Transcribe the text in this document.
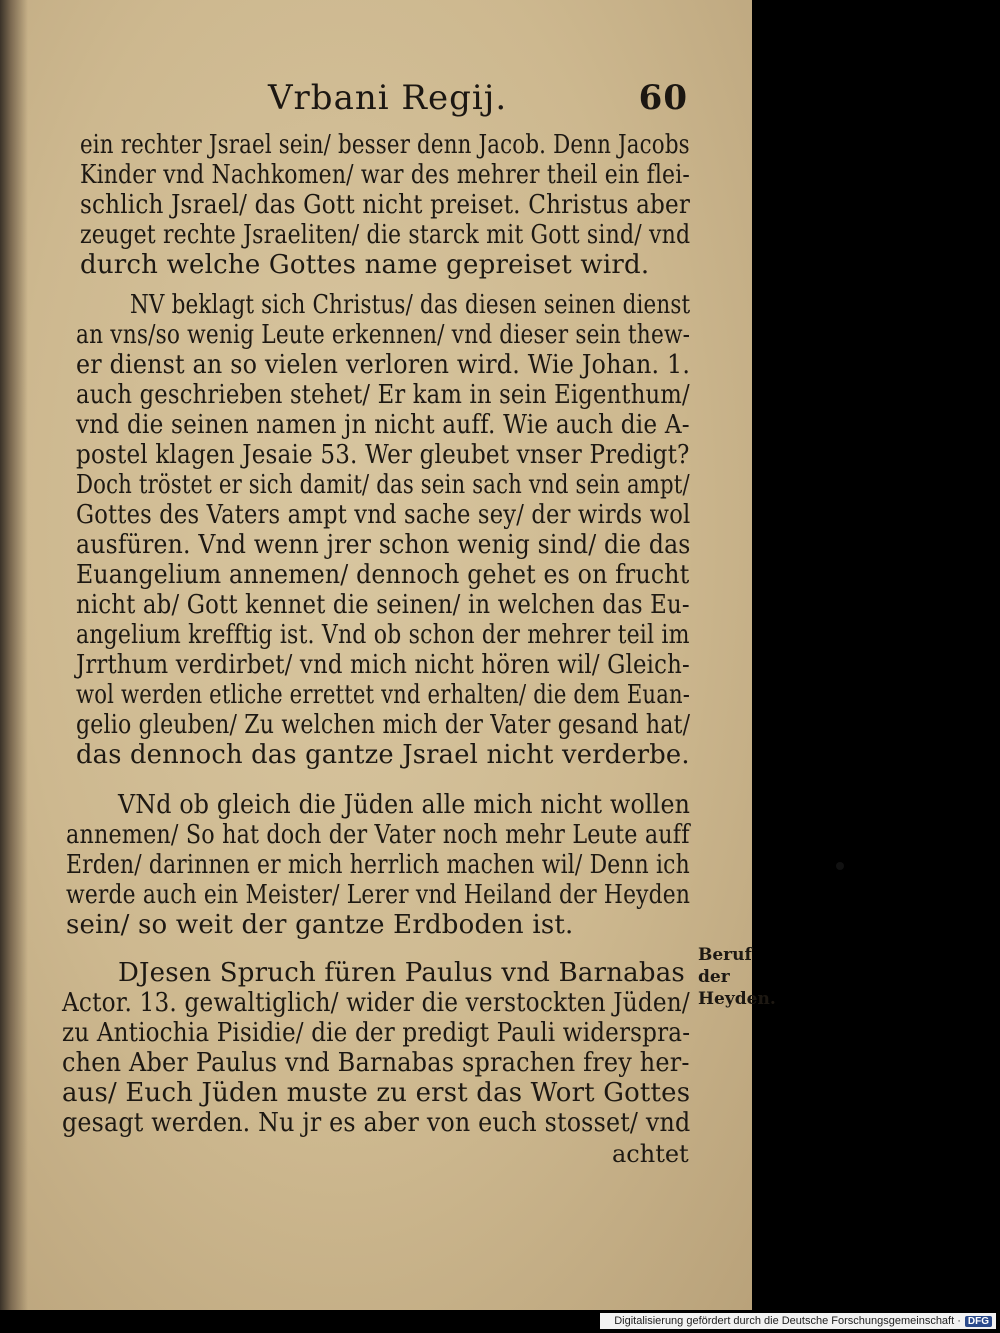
Vrbani Regij.	60
ein rechter Jsrael sein/ besser denn Jacob. Denn Jacobs
Kinder vnd Nachkomen/ war des mehrer theil ein flei-
schlich Jsrael/ das Gott nicht preiset. Christus aber
zeuget rechte Jsraeliten/ die starck mit Gott sind/ vnd
durch welche Gottes name gepreiset wird.
NV beklagt sich Christus/ das diesen seinen dienst
an vns/so wenig Leute erkennen/ vnd dieser sein thew-
er dienst an so vielen verloren wird. Wie Johan. 1.
auch geschrieben stehet/ Er kam in sein Eigenthum/
vnd die seinen namen jn nicht auff. Wie auch die A-
postel klagen Jesaie 53. Wer gleubet vnser Predigt?
Doch tröstet er sich damit/ das sein sach vnd sein ampt/
Gottes des Vaters ampt vnd sache sey/ der wirds wol
ausfüren. Vnd wenn jrer schon wenig sind/ die das
Euangelium annemen/ dennoch gehet es on frucht
nicht ab/ Gott kennet die seinen/ in welchen das Eu-
angelium krefftig ist. Vnd ob schon der mehrer teil im
Jrrthum verdirbet/ vnd mich nicht hören wil/ Gleich-
wol werden etliche errettet vnd erhalten/ die dem Euan-
gelio gleuben/ Zu welchen mich der Vater gesand hat/
das dennoch das gantze Jsrael nicht verderbe.
VNd ob gleich die Jüden alle mich nicht wollen
annemen/ So hat doch der Vater noch mehr Leute auff
Erden/ darinnen er mich herrlich machen wil/ Denn ich
werde auch ein Meister/ Lerer vnd Heiland der Heyden
sein/ so weit der gantze Erdboden ist.
DJesen Spruch füren Paulus vnd Barnabas
Actor. 13. gewaltiglich/ wider die verstockten Jüden/
zu Antiochia Pisidie/ die der predigt Pauli widerspra-
chen Aber Paulus vnd Barnabas sprachen frey her-
aus/ Euch Jüden muste zu erst das Wort Gottes
gesagt werden. Nu jr es aber von euch stosset/ vnd
Beruf der Heyden.
achtet
Digitalisierung gefördert durch die Deutsche Forschungsgemeinschaft · DFG
